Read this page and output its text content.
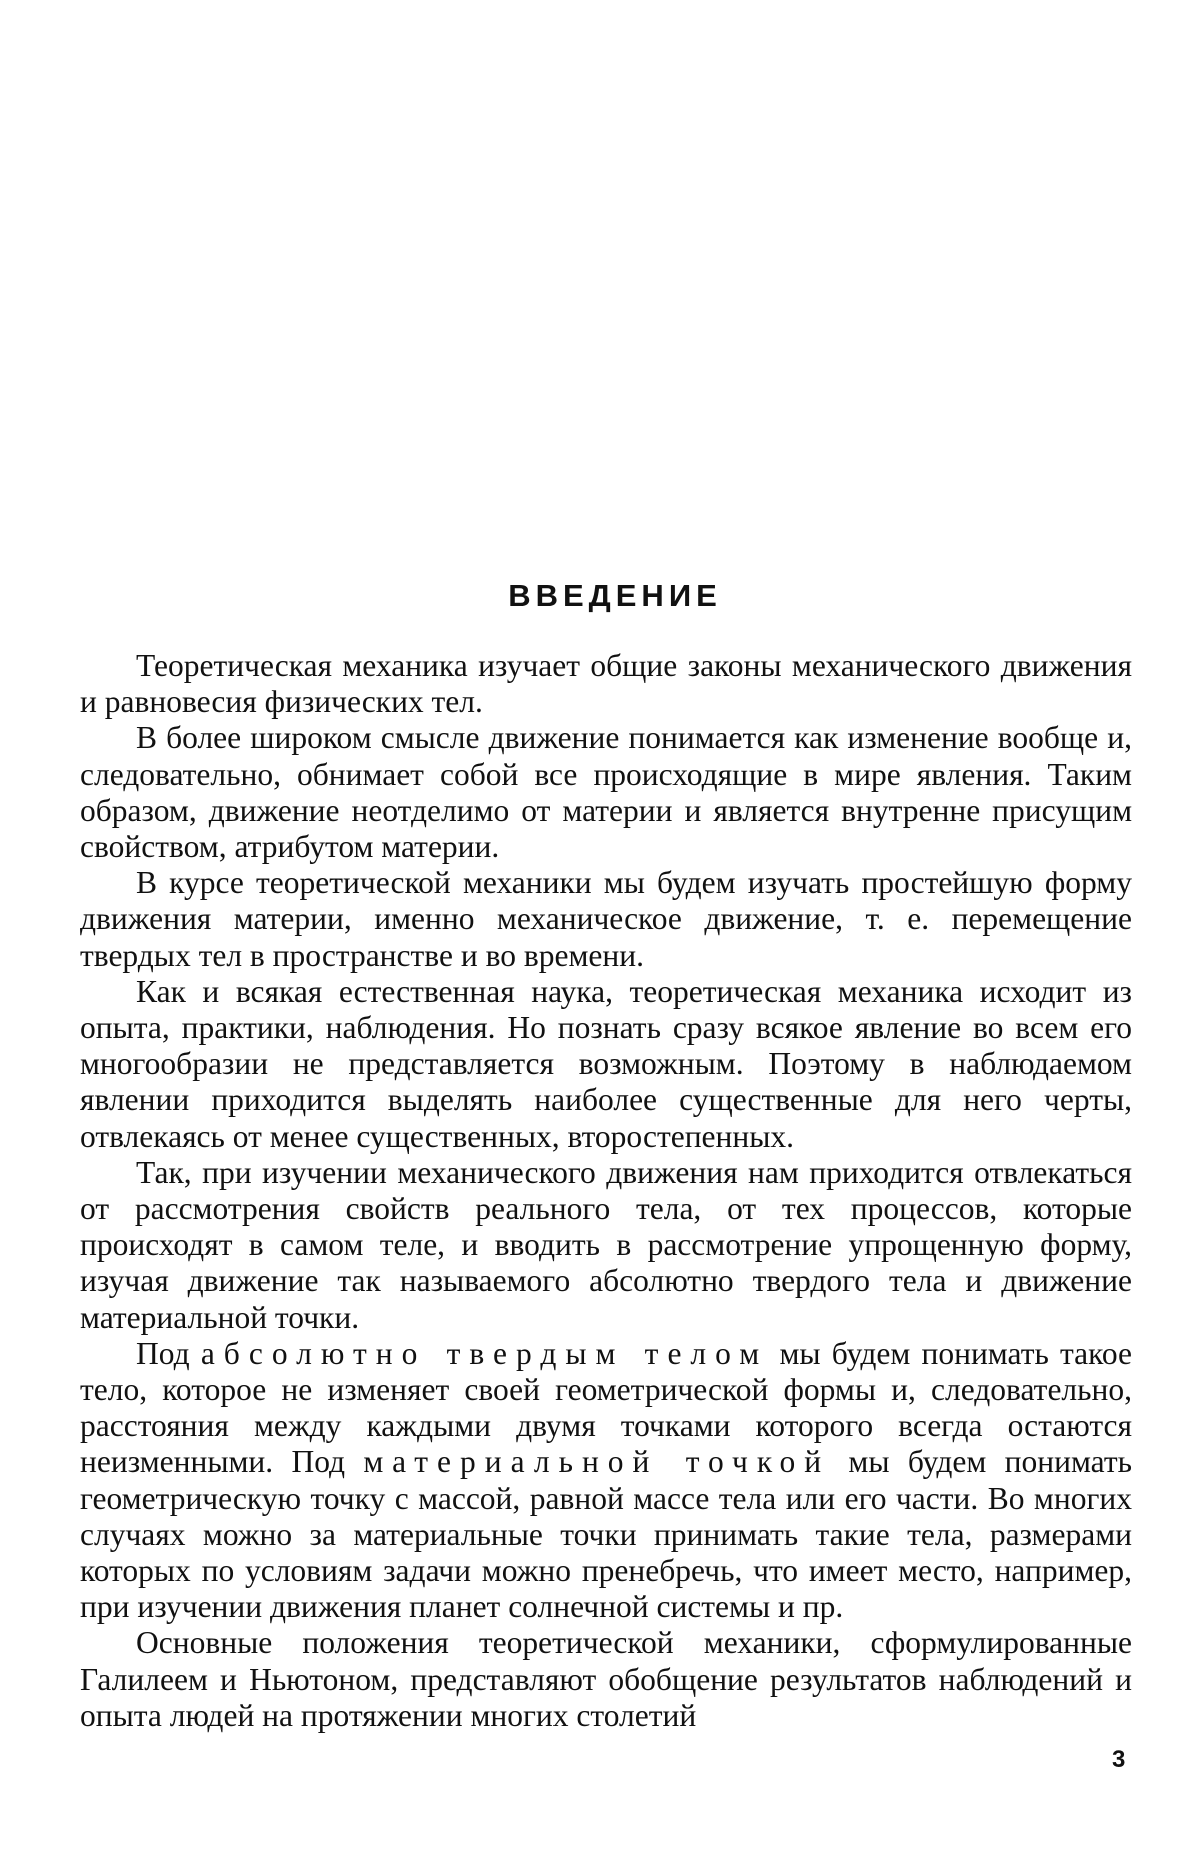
ВВЕДЕНИЕ

Теоретическая механика изучает общие законы механического движения и равновесия физических тел.

В более широком смысле движение понимается как изменение вообще и, следовательно, обнимает собой все происходящие в мире явления. Таким образом, движение неотделимо от материи и является внутренне присущим свойством, атрибутом материи.

В курсе теоретической механики мы будем изучать простейшую форму движения материи, именно механическое движение, т. е. перемещение твердых тел в пространстве и во времени.

Как и всякая естественная наука, теоретическая механика исходит из опыта, практики, наблюдения. Но познать сразу всякое явление во всем его многообразии не представляется возможным. Поэтому в наблюдаемом явлении приходится выделять наиболее существенные для него черты, отвлекаясь от менее существенных, второстепенных.

Так, при изучении механического движения нам приходится отвлекаться от рассмотрения свойств реального тела, от тех процессов, которые происходят в самом теле, и вводить в рассмотрение упрощенную форму, изучая движение так называемого абсолютно твердого тела и движение материальной точки.

Под абсолютно твердым телом мы будем понимать такое тело, которое не изменяет своей геометрической формы и, следовательно, расстояния между каждыми двумя точками которого всегда остаются неизменными. Под материальной точкой мы будем понимать геометрическую точку с массой, равной массе тела или его части. Во многих случаях можно за материальные точки принимать такие тела, размерами которых по условиям задачи можно пренебречь, что имеет место, например, при изучении движения планет солнечной системы и пр.

Основные положения теоретической механики, сформулированные Галилеем и Ньютоном, представляют обобщение результатов наблюдений и опыта людей на протяжении многих столетий

3
